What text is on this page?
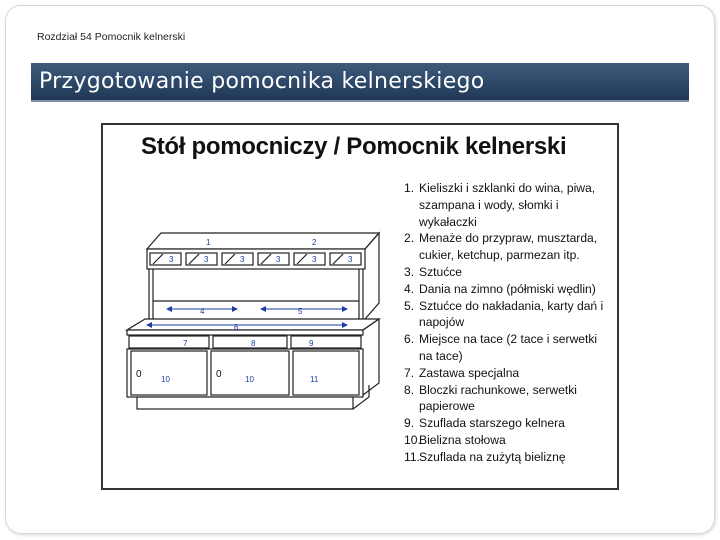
Rozdział 54 Pomocnik kelnerski
Przygotowanie pomocnika kelnerskiego
Stół pomocniczy / Pomocnik kelnerski
1	2
3	3	3	3	3	3
4	5
6
7	8	9
0	0
10	10	11
1. Kieliszki i szklanki do wina, piwa, szampana i wody, słomki i wykałaczki
2. Menaże do przypraw, musztarda, cukier, ketchup, parmezan itp.
3. Sztućce
4. Dania na zimno (półmiski wędlin)
5. Sztućce do nakładania, karty dań i napojów
6. Miejsce na tace (2 tace i serwetki na tace)
7. Zastawa specjalna
8. Bloczki rachunkowe, serwetki papierowe
9. Szuflada starszego kelnera
10.
Bielizna stołowa
11. Szuflada na zużytą bieliznę
